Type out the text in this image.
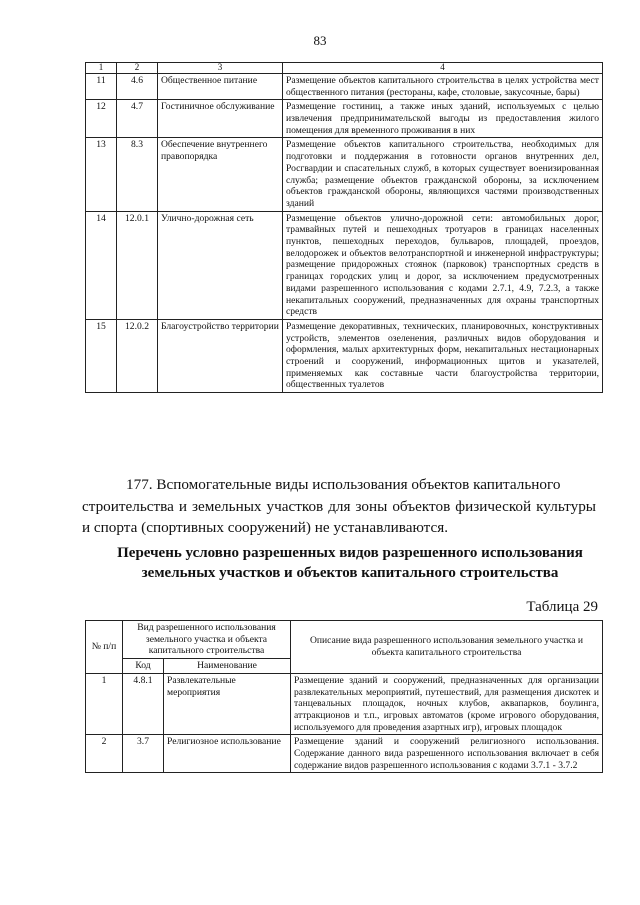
83
1	2	3	4
11	4.6	Общественное питание	Размещение объектов капитального строительства в целях устройства мест общественного питания (рестораны, кафе, столовые, закусочные, бары)
12	4.7	Гостиничное обслуживание	Размещение гостиниц, а также иных зданий, используемых с целью извлечения предпринимательской выгоды из предоставления жилого помещения для временного проживания в них
13	8.3	Обеспечение внутреннего правопорядка	Размещение объектов капитального строительства, необходимых для подготовки и поддержания в готовности органов внутренних дел, Росгвардии и спасательных служб, в которых существует военизированная служба; размещение объектов гражданской обороны, за исключением объектов гражданской обороны, являющихся частями производственных зданий
14	12.0.1	Улично-дорожная сеть	Размещение объектов улично-дорожной сети: автомобильных дорог, трамвайных путей и пешеходных тротуаров в границах населенных пунктов, пешеходных переходов, бульваров, площадей, проездов, велодорожек и объектов велотранспортной и инженерной инфраструктуры; размещение придорожных стоянок (парковок) транспортных средств в границах городских улиц и дорог, за исключением предусмотренных видами разрешенного использования с кодами 2.7.1, 4.9, 7.2.3, а также некапитальных сооружений, предназначенных для охраны транспортных средств
15	12.0.2	Благоустройство территории	Размещение декоративных, технических, планировочных, конструктивных устройств, элементов озеленения, различных видов оборудования и оформления, малых архитектурных форм, некапитальных нестационарных строений и сооружений, информационных щитов и указателей, применяемых как составные части благоустройства территории, общественных туалетов
177. Вспомогательные виды использования объектов капитального
строительства и земельных участков для зоны объектов физической культуры и спорта (спортивных сооружений) не устанавливаются.
Перечень условно разрешенных видов разрешенного использования
земельных участков и объектов капитального строительства
Таблица 29
№ п/п	Вид разрешенного использования земельного участка и объекта капитального строительства		Описание вида разрешенного использования земельного участка и объекта капитального строительства
	Код	Наименование	
1	4.8.1	Развлекательные мероприятия	Размещение зданий и сооружений, предназначенных для организации развлекательных мероприятий, путешествий, для размещения дискотек и танцевальных площадок, ночных клубов, аквапарков, боулинга, аттракционов и т.п., игровых автоматов (кроме игрового оборудования, используемого для проведения азартных игр), игровых площадок
2	3.7	Религиозное использование	Размещение зданий и сооружений религиозного использования. Содержание данного вида разрешенного использования включает в себя содержание видов разрешенного использования с кодами 3.7.1 - 3.7.2
